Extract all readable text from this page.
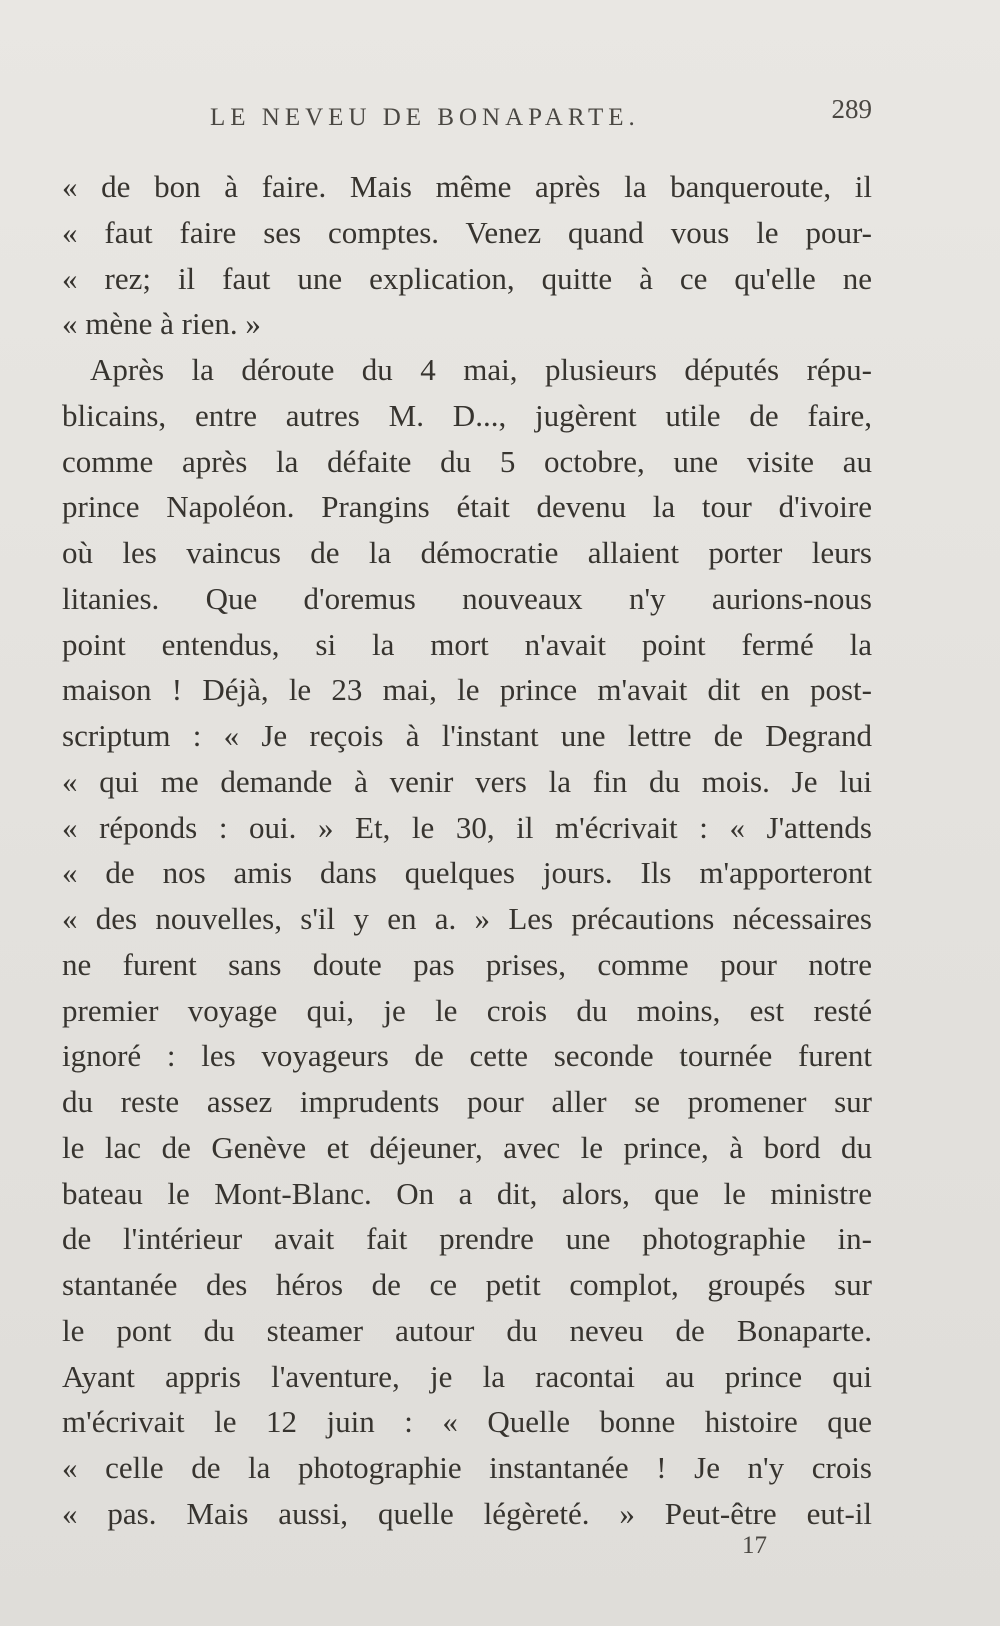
LE NEVEU DE BONAPARTE.	289
« de bon à faire. Mais même après la banqueroute, il
« faut faire ses comptes. Venez quand vous le pour-
« rez; il faut une explication, quitte à ce qu'elle ne
« mène à rien. »
Après la déroute du 4 mai, plusieurs députés répu-
blicains, entre autres M. D..., jugèrent utile de faire,
comme après la défaite du 5 octobre, une visite au
prince Napoléon. Prangins était devenu la tour d'ivoire
où les vaincus de la démocratie allaient porter leurs
litanies. Que d'oremus nouveaux n'y aurions-nous
point entendus, si la mort n'avait point fermé la
maison ! Déjà, le 23 mai, le prince m'avait dit en post-
scriptum : « Je reçois à l'instant une lettre de Degrand
« qui me demande à venir vers la fin du mois. Je lui
« réponds : oui. » Et, le 30, il m'écrivait : « J'attends
« de nos amis dans quelques jours. Ils m'apporteront
« des nouvelles, s'il y en a. » Les précautions nécessaires
ne furent sans doute pas prises, comme pour notre
premier voyage qui, je le crois du moins, est resté
ignoré : les voyageurs de cette seconde tournée furent
du reste assez imprudents pour aller se promener sur
le lac de Genève et déjeuner, avec le prince, à bord du
bateau le Mont-Blanc. On a dit, alors, que le ministre
de l'intérieur avait fait prendre une photographie in-
stantanée des héros de ce petit complot, groupés sur
le pont du steamer autour du neveu de Bonaparte.
Ayant appris l'aventure, je la racontai au prince qui
m'écrivait le 12 juin : « Quelle bonne histoire que
« celle de la photographie instantanée ! Je n'y crois
« pas. Mais aussi, quelle légèreté. » Peut-être eut-il
17
